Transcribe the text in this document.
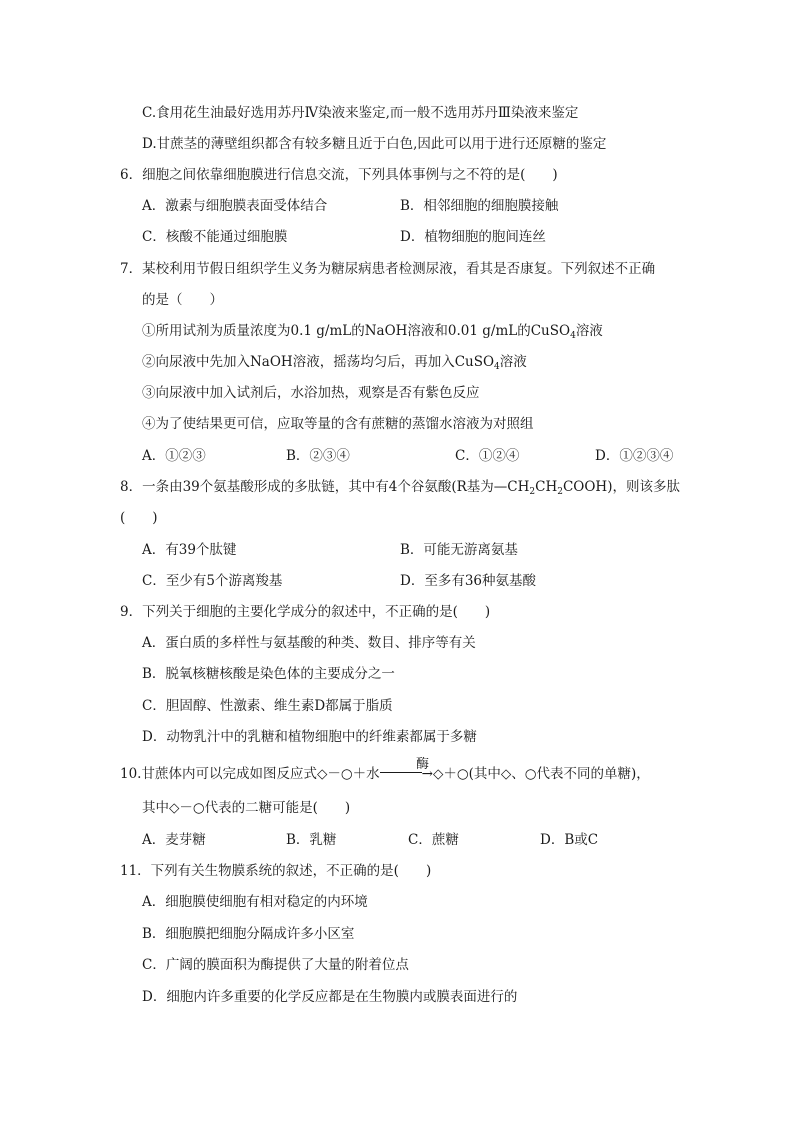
C.食用花生油最好选用苏丹Ⅳ染液来鉴定,而一般不选用苏丹Ⅲ染液来鉴定
D.甘蔗茎的薄壁组织都含有较多糖且近于白色,因此可以用于进行还原糖的鉴定
6．细胞之间依靠细胞膜进行信息交流，下列具体事例与之不符的是(　　)
A．激素与细胞膜表面受体结合	B．相邻细胞的细胞膜接触
C．核酸不能通过细胞膜	D．植物细胞的胞间连丝
7．某校利用节假日组织学生义务为糖尿病患者检测尿液，看其是否康复。下列叙述不正确
的是（　　）
①所用试剂为质量浓度为0.1 g/mL的NaOH溶液和0.01 g/mL的CuSO$_4$溶液
②向尿液中先加入NaOH溶液，摇荡均匀后，再加入CuSO$_4$溶液
③向尿液中加入试剂后，水浴加热，观察是否有紫色反应
④为了使结果更可信，应取等量的含有蔗糖的蒸馏水溶液为对照组
A．①②③	B．②③④	C．①②④	D．①②③④
8．一条由39个氨基酸形成的多肽链，其中有4个谷氨酸(R基为$—CH_2CH_2COOH$)，则该多肽
(　　)
A．有39个肽键	B．可能无游离氨基
C．至少有5个游离羧基	D．至多有36种氨基酸
9．下列关于细胞的主要化学成分的叙述中，不正确的是(　　)
A．蛋白质的多样性与氨基酸的种类、数目、排序等有关
B．脱氧核糖核酸是染色体的主要成分之一
C．胆固醇、性激素、维生素D都属于脂质
D．动物乳汁中的乳糖和植物细胞中的纤维素都属于多糖
酶
10.甘蔗体内可以完成如图反应式◇－○＋水	→◇＋○(其中◇、○代表不同的单糖)，
其中◇－○代表的二糖可能是(　　)
A．麦芽糖	B．乳糖	C．蔗糖	D．B或C
11．下列有关生物膜系统的叙述，不正确的是(　　)
A．细胞膜使细胞有相对稳定的内环境
B．细胞膜把细胞分隔成许多小区室
C．广阔的膜面积为酶提供了大量的附着位点
D．细胞内许多重要的化学反应都是在生物膜内或膜表面进行的
